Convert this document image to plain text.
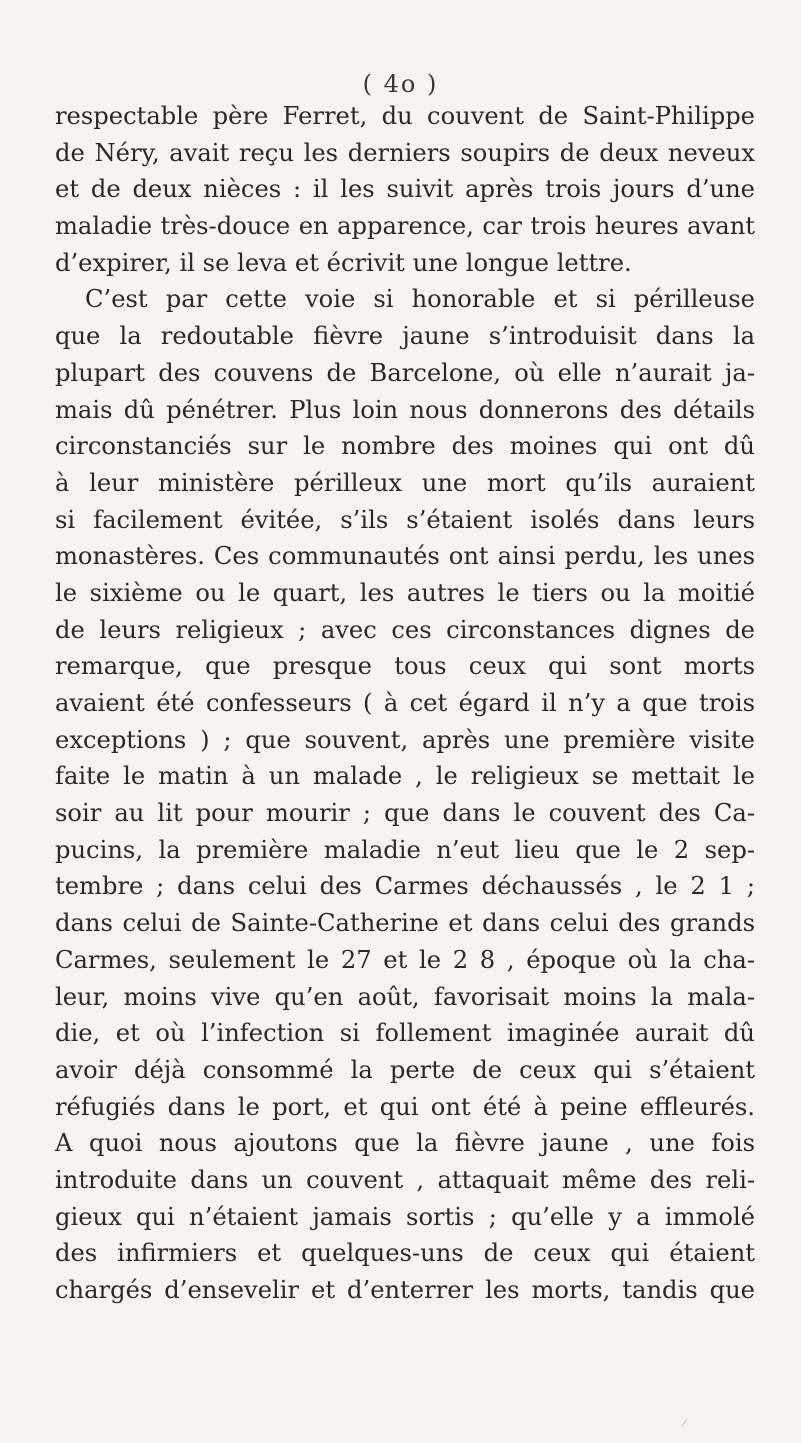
( 4o )
respectable père Ferret, du couvent de Saint-Philippe
de Néry, avait reçu les derniers soupirs de deux neveux
et de deux nièces : il les suivit après trois jours d’une
maladie très-douce en apparence, car trois heures avant
d’expirer, il se leva et écrivit une longue lettre.
C’est par cette voie si honorable et si périlleuse
que la redoutable fièvre jaune s’introduisit dans la
plupart des couvens de Barcelone, où elle n’aurait ja-
mais dû pénétrer. Plus loin nous donnerons des détails
circonstanciés sur le nombre des moines qui ont dû
à leur ministère périlleux une mort qu’ils auraient
si facilement évitée, s’ils s’étaient isolés dans leurs
monastères. Ces communautés ont ainsi perdu, les unes
le sixième ou le quart, les autres le tiers ou la moitié
de leurs religieux ; avec ces circonstances dignes de
remarque, que presque tous ceux qui sont morts
avaient été confesseurs ( à cet égard il n’y a que trois
exceptions ) ; que souvent, après une première visite
faite le matin à un malade , le religieux se mettait le
soir au lit pour mourir ; que dans le couvent des Ca-
pucins, la première maladie n’eut lieu que le 2 sep-
tembre ; dans celui des Carmes déchaussés , le 2 1 ;
dans celui de Sainte-Catherine et dans celui des grands
Carmes, seulement le 27 et le 2 8 , époque où la cha-
leur, moins vive qu’en août, favorisait moins la mala-
die, et où l’infection si follement imaginée aurait dû
avoir déjà consommé la perte de ceux qui s’étaient
réfugiés dans le port, et qui ont été à peine effleurés.
A quoi nous ajoutons que la fièvre jaune , une fois
introduite dans un couvent , attaquait même des reli-
gieux qui n’étaient jamais sortis ; qu’elle y a immolé
des infirmiers et quelques-uns de ceux qui étaient
chargés d’ensevelir et d’enterrer les morts, tandis que
